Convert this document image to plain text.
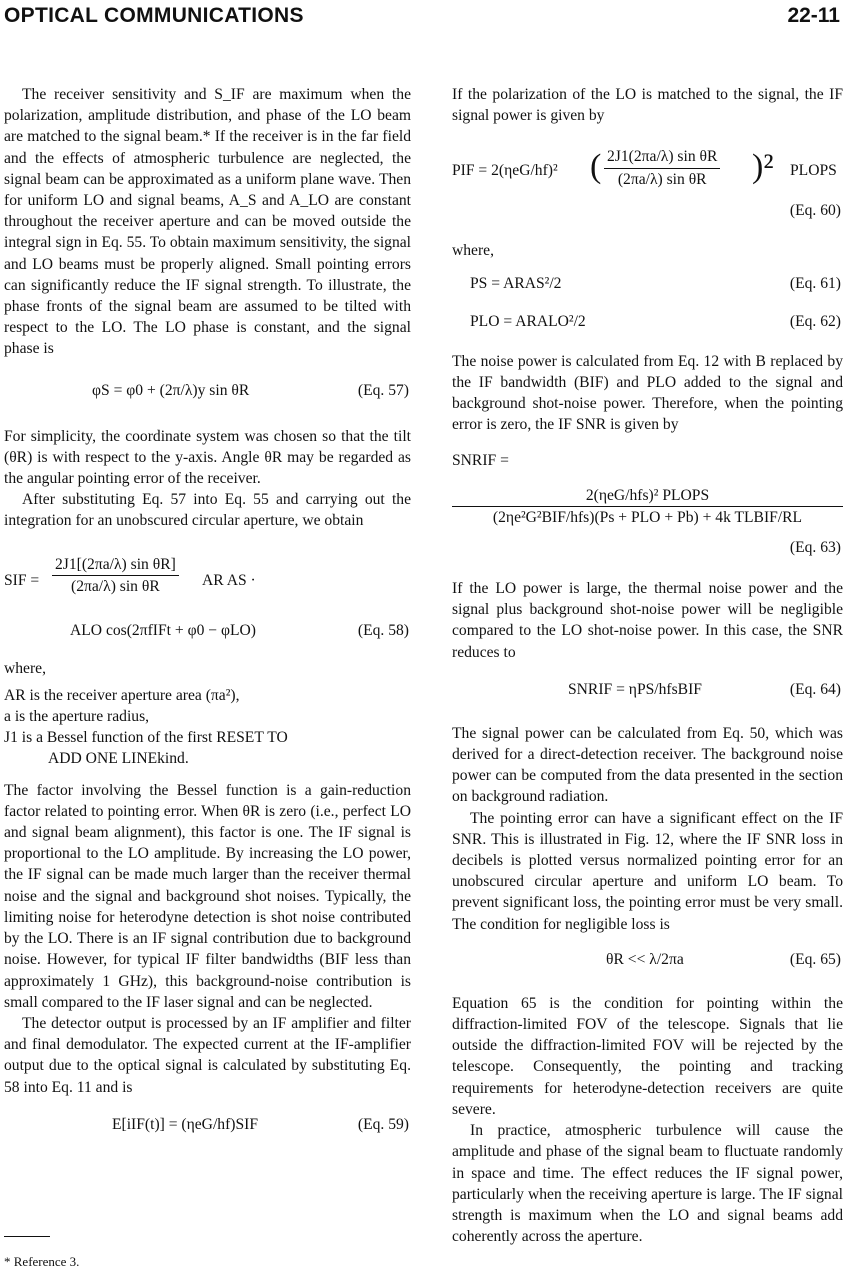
OPTICAL COMMUNICATIONS	22-11

The receiver sensitivity and S_IF are maximum when the polarization, amplitude distribution, and phase of the LO beam are matched to the signal beam.* If the receiver is in the far field and the effects of atmospheric turbulence are neglected, the signal beam can be approximated as a uniform plane wave. Then for uniform LO and signal beams, A_S and A_LO are constant throughout the receiver aperture and can be moved outside the integral sign in Eq. 55. To obtain maximum sensitivity, the signal and LO beams must be properly aligned. Small pointing errors can significantly reduce the IF signal strength. To illustrate, the phase fronts of the signal beam are assumed to be tilted with respect to the LO. The LO phase is constant, and the signal phase is

φS = φ0 + (2π/λ)y sin θR	(Eq. 57)

For simplicity, the coordinate system was chosen so that the tilt (θR) is with respect to the y-axis. Angle θR may be regarded as the angular pointing error of the receiver.

After substituting Eq. 57 into Eq. 55 and carrying out the integration for an unobscured circular aperture, we obtain

SIF = $\frac{\text{2J1[(2πa/λ) sin θR]}}{\text{(2πa/λ) sin θR}}$ AR AS ·
ALO cos(2πfIFt + φ0 − φLO)	(Eq. 58)

where,

AR is the receiver aperture area (πa²),
a is the aperture radius,
J1 is a Bessel function of the first RESET TO
ADD ONE LINEkind.

The factor involving the Bessel function is a gain-reduction factor related to pointing error. When θR is zero (i.e., perfect LO and signal beam alignment), this factor is one. The IF signal is proportional to the LO amplitude. By increasing the LO power, the IF signal can be made much larger than the receiver thermal noise and the signal and background shot noises. Typically, the limiting noise for heterodyne detection is shot noise contributed by the LO. There is an IF signal contribution due to background noise. However, for typical IF filter bandwidths (BIF less than approximately 1 GHz), this background-noise contribution is small compared to the IF laser signal and can be neglected.

The detector output is processed by an IF amplifier and filter and final demodulator. The expected current at the IF-amplifier output due to the optical signal is calculated by substituting Eq. 58 into Eq. 11 and is

E[iIF(t)] = (ηeG/hf)SIF	(Eq. 59)
* Reference 3.

If the polarization of the LO is matched to the signal, the IF signal power is given by

PIF = 2(ηeG/hf)² ( $\frac{\text{2J1(2πa/λ) sin θR}}{\text{(2πa/λ) sin θR}} )^2$ PLOPS
(Eq. 60)

where,

PS = ARAS²/2	(Eq. 61)
PLO = ARALO²/2	(Eq. 62)

The noise power is calculated from Eq. 12 with B replaced by the IF bandwidth (BIF) and PLO added to the signal and background shot-noise power. Therefore, when the pointing error is zero, the IF SNR is given by

SNRIF =

2(ηeG/hfs)² PLOPS
(2ηe²G²BIF/hfs)(Ps + PLO + Pb) + 4k TLBIF/RL
(Eq. 63)

If the LO power is large, the thermal noise power and the signal plus background shot-noise power will be negligible compared to the LO shot-noise power. In this case, the SNR reduces to

SNRIF = ηPS/hfsBIF	(Eq. 64)

The signal power can be calculated from Eq. 50, which was derived for a direct-detection receiver. The background noise power can be computed from the data presented in the section on background radiation.

The pointing error can have a significant effect on the IF SNR. This is illustrated in Fig. 12, where the IF SNR loss in decibels is plotted versus normalized pointing error for an unobscured circular aperture and uniform LO beam. To prevent significant loss, the pointing error must be very small. The condition for negligible loss is

θR << λ/2πa	(Eq. 65)

Equation 65 is the condition for pointing within the diffraction-limited FOV of the telescope. Signals that lie outside the diffraction-limited FOV will be rejected by the telescope. Consequently, the pointing and tracking requirements for heterodyne-detection receivers are quite severe.

In practice, atmospheric turbulence will cause the amplitude and phase of the signal beam to fluctuate randomly in space and time. The effect reduces the IF signal power, particularly when the receiving aperture is large. The IF signal strength is maximum when the LO and signal beams add coherently across the aperture.
